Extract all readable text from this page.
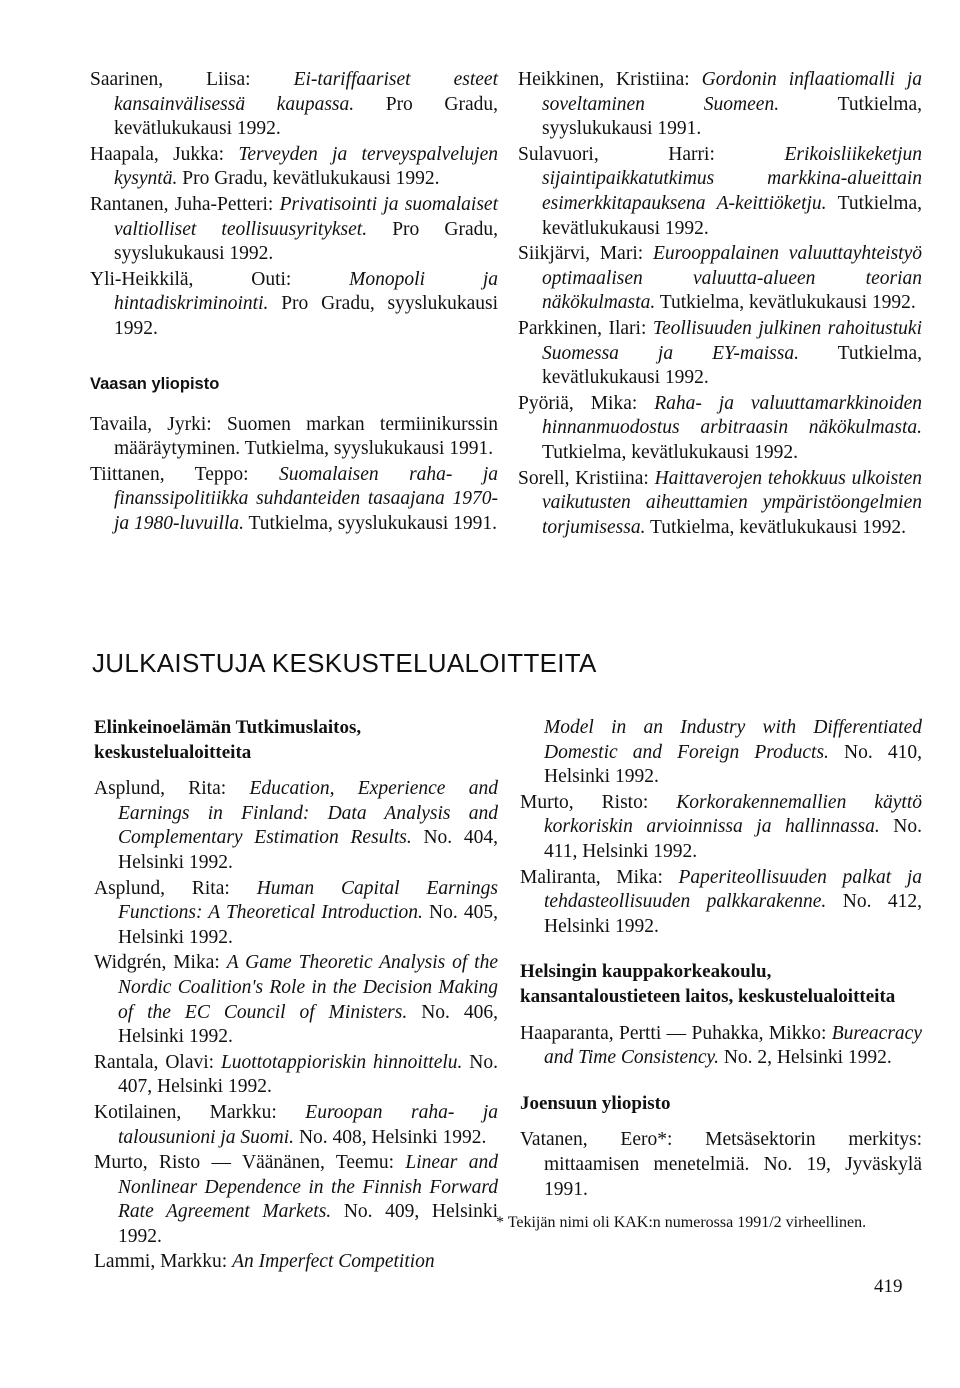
Saarinen, Liisa: Ei-tariffaariset esteet kansainvälisessä kaupassa. Pro Gradu, kevätlukukausi 1992.
Haapala, Jukka: Terveyden ja terveyspalvelujen kysyntä. Pro Gradu, kevätlukukausi 1992.
Rantanen, Juha-Petteri: Privatisointi ja suomalaiset valtiolliset teollisuusyritykset. Pro Gradu, syyslukukausi 1992.
Yli-Heikkilä, Outi:	Monopoli ja hintadiskriminointi. Pro Gradu, syyslukukausi 1992.
Vaasan yliopisto
Tavaila, Jyrki: Suomen markan termiinikurssin määräytyminen. Tutkielma, syyslukukausi 1991.
Tiittanen, Teppo: Suomalaisen raha- ja finanssipolitiikka suhdanteiden tasaajana 1970- ja 1980-luvuilla. Tutkielma, syyslukukausi 1991.
Heikkinen, Kristiina: Gordonin inflaatiomalli ja soveltaminen Suomeen.	Tutkielma, syyslukukausi 1991.
Sulavuori, Harri:	Erikoisliikeketjun sijaintipaikkatutkimus markkina-alueittain esimerkkitapauksena A-keittiöketju. Tutkielma, kevätlukukausi 1992.
Siikjärvi, Mari: Eurooppalainen valuuttayhteistyö optimaalisen valuutta-alueen teorian näkökulmasta. Tutkielma, kevätlukukausi 1992.
Parkkinen, Ilari: Teollisuuden julkinen rahoitustuki Suomessa ja EY-maissa. Tutkielma, kevätlukukausi 1992.
Pyöriä, Mika: Raha- ja valuuttamarkkinoiden hinnanmuodostus arbitraasin näkökulmasta. Tutkielma, kevätlukukausi 1992.
Sorell, Kristiina: Haittaverojen tehokkuus ulkoisten vaikutusten aiheuttamien ympäristöongelmien torjumisessa. Tutkielma, kevätlukukausi 1992.
JULKAISTUJA KESKUSTELUALOITTEITA
Elinkeinoelämän Tutkimuslaitos, keskustelualoitteita
Asplund, Rita: Education, Experience and Earnings in Finland: Data Analysis and Complementary Estimation Results. No. 404, Helsinki 1992.
Asplund, Rita: Human Capital Earnings Functions: A Theoretical Introduction. No. 405, Helsinki 1992.
Widgrén, Mika: A Game Theoretic Analysis of the Nordic Coalition's Role in the Decision Making of the EC Council of Ministers. No. 406, Helsinki 1992.
Rantala, Olavi: Luottotappioriskin hinnoittelu. No. 407, Helsinki 1992.
Kotilainen, Markku: Euroopan raha- ja talousunioni ja Suomi. No. 408, Helsinki 1992.
Murto, Risto — Väänänen, Teemu: Linear and Nonlinear Dependence in the Finnish Forward Rate Agreement Markets. No. 409, Helsinki 1992.
Lammi, Markku: An Imperfect Competition
Model in an Industry with Differentiated Domestic and Foreign Products. No. 410, Helsinki 1992.
Murto, Risto: Korkorakennemallien käyttö korkoriskin arvioinnissa ja hallinnassa. No. 411, Helsinki 1992.
Maliranta, Mika: Paperiteollisuuden palkat ja tehdasteollisuuden palkkarakenne. No. 412, Helsinki 1992.
Helsingin kauppakorkeakoulu, kansantaloustieteen laitos, keskustelualoitteita
Haaparanta, Pertti — Puhakka, Mikko: Bureacracy and Time Consistency. No. 2, Helsinki 1992.
Joensuun yliopisto
Vatanen, Eero*: Metsäsektorin merkitys: mittaamisen menetelmiä. No. 19, Jyväskylä 1991.
* Tekijän nimi oli KAK:n numerossa 1991/2 virheellinen.
419
